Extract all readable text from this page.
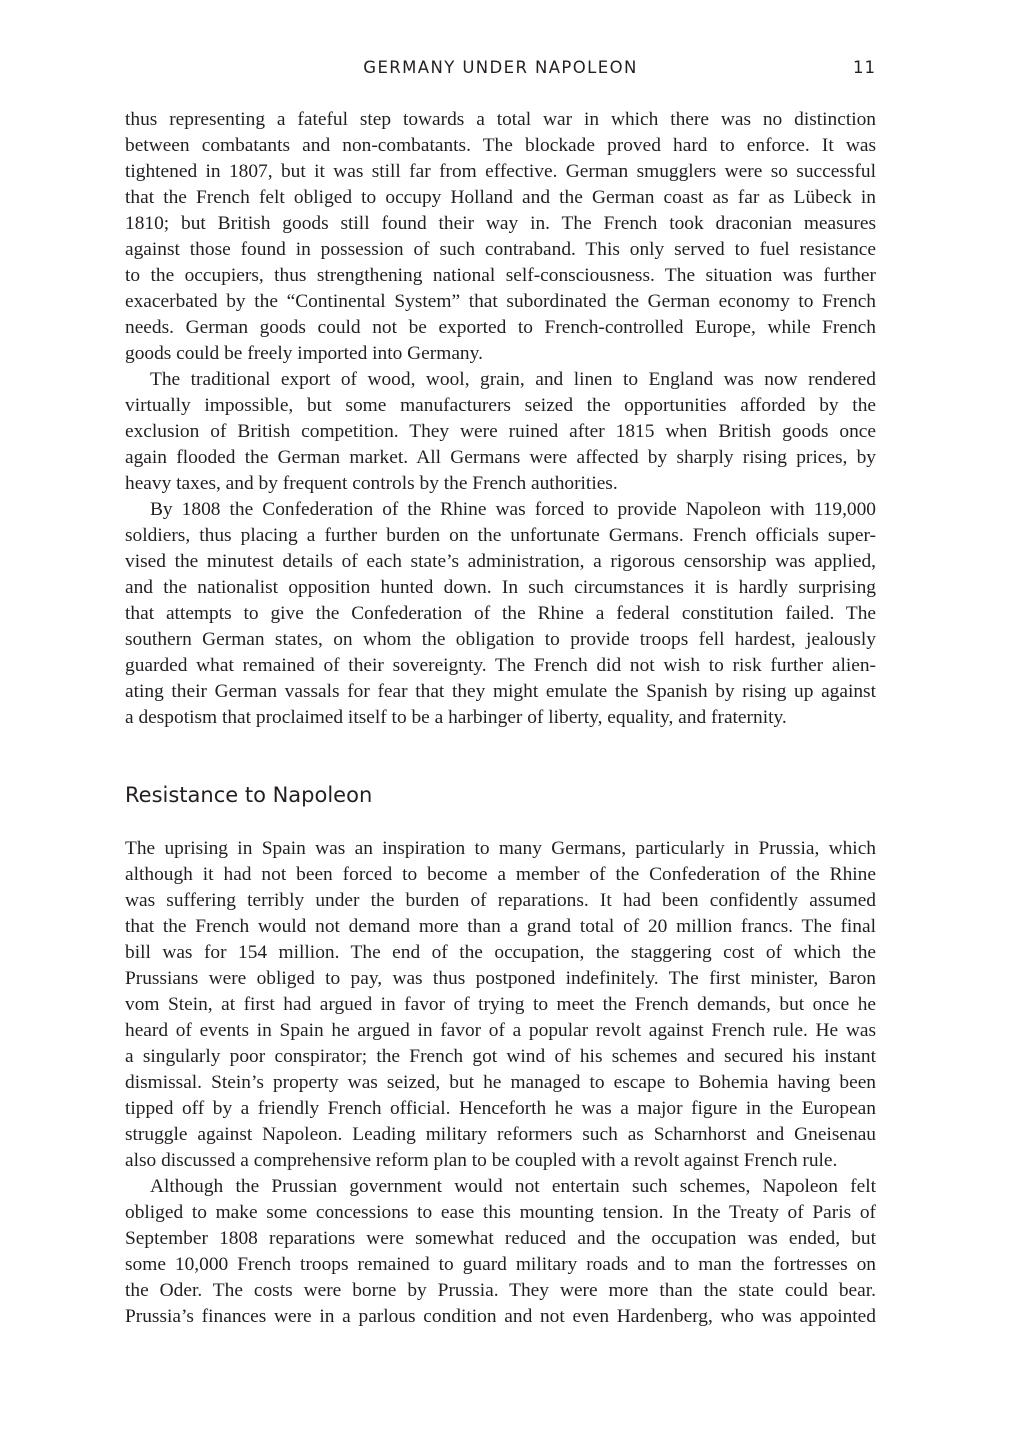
GERMANY UNDER NAPOLEON	11
thus representing a fateful step towards a total war in which there was no distinction
between combatants and non-combatants. The blockade proved hard to enforce. It was
tightened in 1807, but it was still far from effective. German smugglers were so successful
that the French felt obliged to occupy Holland and the German coast as far as Lübeck in
1810; but British goods still found their way in. The French took draconian measures
against those found in possession of such contraband. This only served to fuel resistance
to the occupiers, thus strengthening national self-consciousness. The situation was further
exacerbated by the “Continental System” that subordinated the German economy to French
needs. German goods could not be exported to French-controlled Europe, while French
goods could be freely imported into Germany.
The traditional export of wood, wool, grain, and linen to England was now rendered
virtually impossible, but some manufacturers seized the opportunities afforded by the
exclusion of British competition. They were ruined after 1815 when British goods once
again flooded the German market. All Germans were affected by sharply rising prices, by
heavy taxes, and by frequent controls by the French authorities.
By 1808 the Confederation of the Rhine was forced to provide Napoleon with 119,000
soldiers, thus placing a further burden on the unfortunate Germans. French officials super-
vised the minutest details of each state’s administration, a rigorous censorship was applied,
and the nationalist opposition hunted down. In such circumstances it is hardly surprising
that attempts to give the Confederation of the Rhine a federal constitution failed. The
southern German states, on whom the obligation to provide troops fell hardest, jealously
guarded what remained of their sovereignty. The French did not wish to risk further alien-
ating their German vassals for fear that they might emulate the Spanish by rising up against
a despotism that proclaimed itself to be a harbinger of liberty, equality, and fraternity.
Resistance to Napoleon
The uprising in Spain was an inspiration to many Germans, particularly in Prussia, which
although it had not been forced to become a member of the Confederation of the Rhine
was suffering terribly under the burden of reparations. It had been confidently assumed
that the French would not demand more than a grand total of 20 million francs. The final
bill was for 154 million. The end of the occupation, the staggering cost of which the
Prussians were obliged to pay, was thus postponed indefinitely. The first minister, Baron
vom Stein, at first had argued in favor of trying to meet the French demands, but once he
heard of events in Spain he argued in favor of a popular revolt against French rule. He was
a singularly poor conspirator; the French got wind of his schemes and secured his instant
dismissal. Stein’s property was seized, but he managed to escape to Bohemia having been
tipped off by a friendly French official. Henceforth he was a major figure in the European
struggle against Napoleon. Leading military reformers such as Scharnhorst and Gneisenau
also discussed a comprehensive reform plan to be coupled with a revolt against French rule.
Although the Prussian government would not entertain such schemes, Napoleon felt
obliged to make some concessions to ease this mounting tension. In the Treaty of Paris of
September 1808 reparations were somewhat reduced and the occupation was ended, but
some 10,000 French troops remained to guard military roads and to man the fortresses on
the Oder. The costs were borne by Prussia. They were more than the state could bear.
Prussia’s finances were in a parlous condition and not even Hardenberg, who was appointed
